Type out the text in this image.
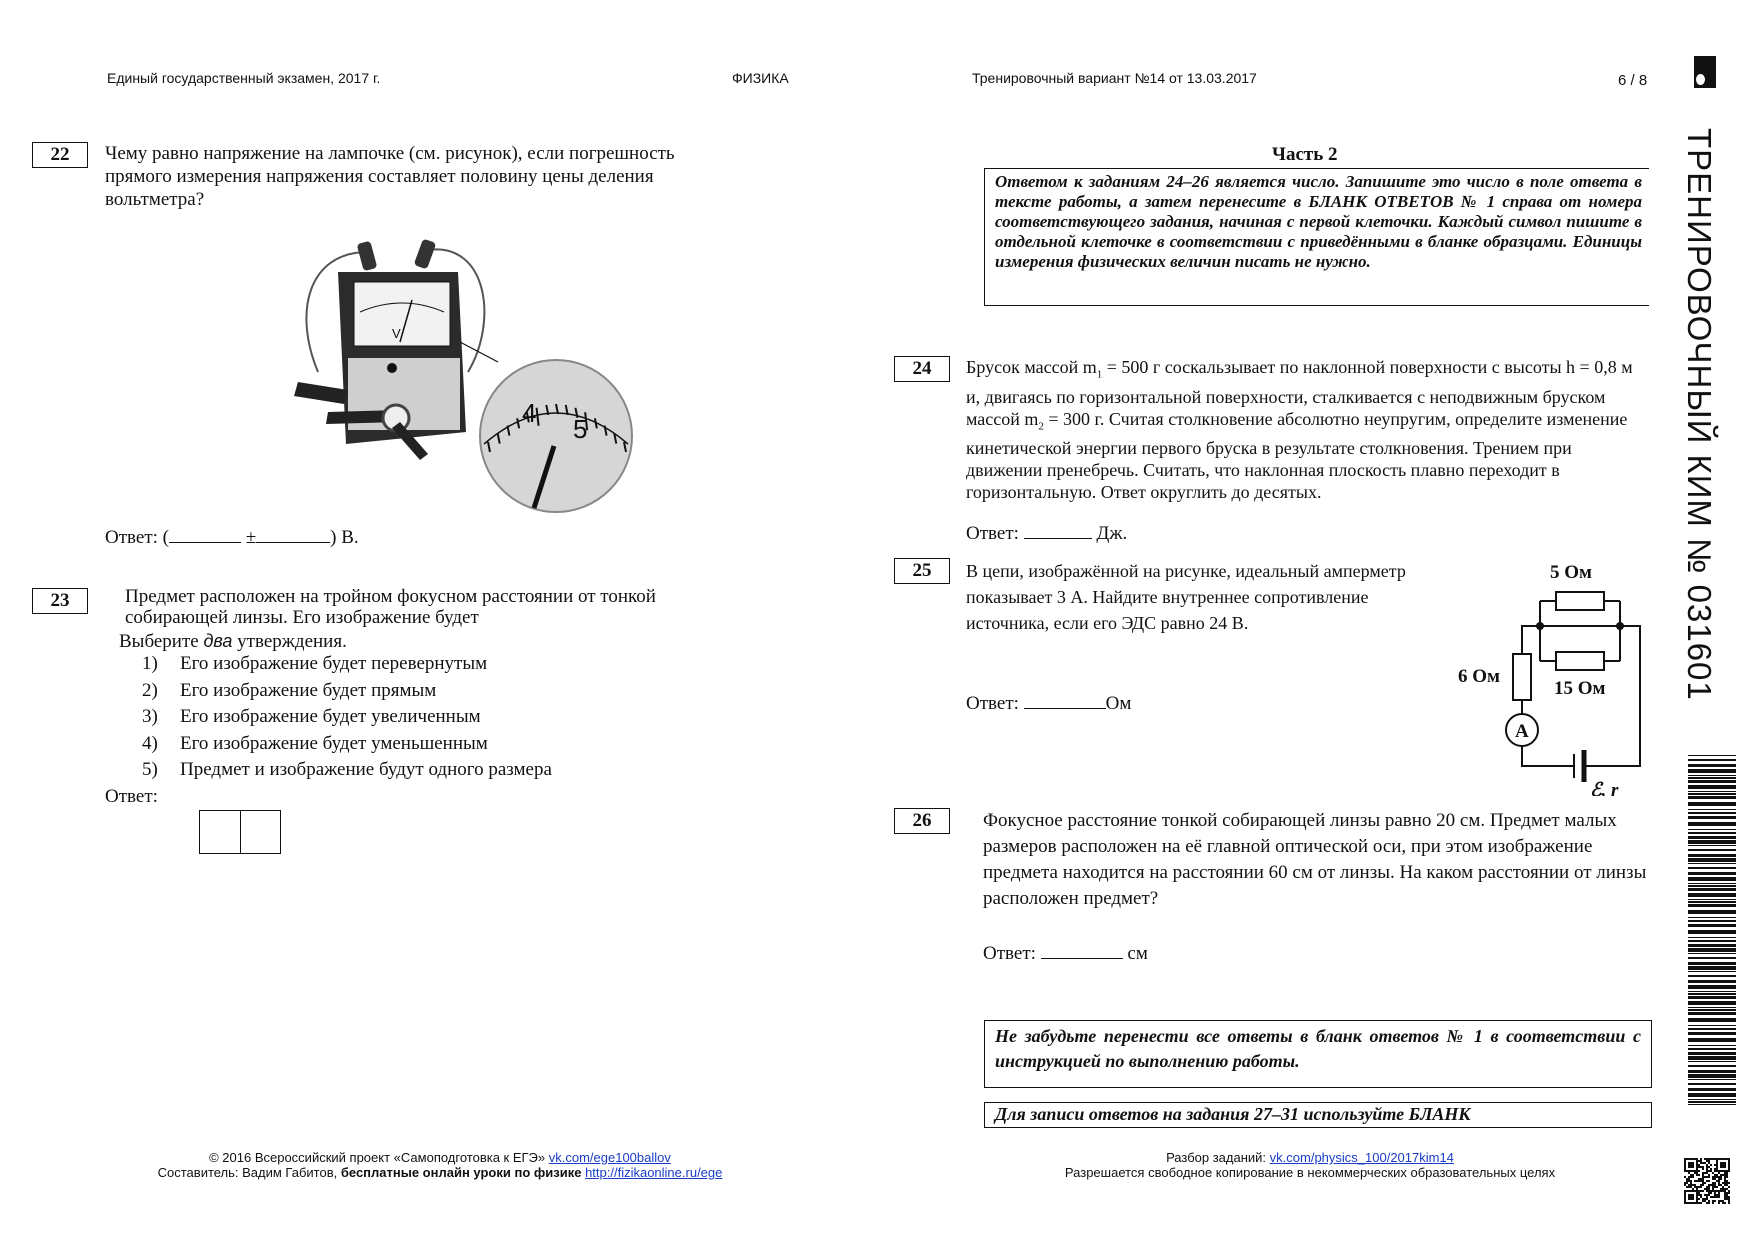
Единый государственный экзамен, 2017 г.	ФИЗИКА	Тренировочный вариант №14 от 13.03.2017	6 / 8
ТРЕНИРОВОЧНЫЙ КИМ № 031601
22	Чему равно напряжение на лампочке (см. рисунок), если погрешность прямого измерения напряжения составляет половину цены деления вольтметра?
V
4
5
Ответ: (	±	) В.
23	Предмет расположен на тройном фокусном расстоянии от тонкой собирающей линзы. Его изображение будет
Выберите два утверждения.
1) Его изображение будет перевернутым
2) Его изображение будет прямым
3) Его изображение будет увеличенным
4) Его изображение будет уменьшенным
5) Предмет и изображение будут одного размера
Ответ:
Часть 2
Ответом к заданиям 24–26 является число. Запишите это число в поле ответа в тексте работы, а затем перенесите в БЛАНК ОТВЕТОВ № 1 справа от номера соответствующего задания, начиная с первой клеточки. Каждый символ пишите в отдельной клеточке в соответствии с приведёнными в бланке образцами. Единицы измерения физических величин писать не нужно.
24	Брусок массой $m_1 = 500$ г соскальзывает по наклонной поверхности с высоты h = 0,8 м и, двигаясь по горизонтальной поверхности, сталкивается с неподвижным бруском массой $m_2 = 300$ г. Считая столкновение абсолютно неупругим, определите изменение кинетической энергии первого бруска в результате столкновения. Трением при движении пренебречь. Считать, что наклонная плоскость плавно переходит в горизонтальную. Ответ округлить до десятых.
Ответ:	Дж.
25	В цепи, изображённой на рисунке, идеальный амперметр показывает 3 А. Найдите внутреннее сопротивление источника, если его ЭДС равно 24 В.
Ответ:	Ом
5 Ом
15 Ом
6 Ом
A
ℰ, r
26	Фокусное расстояние тонкой собирающей линзы равно 20 см. Предмет малых размеров расположен на её главной оптической оси, при этом изображение предмета находится на расстоянии 60 см от линзы. На каком расстоянии от линзы расположен предмет?
Ответ:	см
Не забудьте перенести все ответы в бланк ответов № 1 в соответствии с инструкцией по выполнению работы.
Для записи ответов на задания 27–31 используйте БЛАНК
© 2016 Всероссийский проект «Самоподготовка к ЕГЭ» vk.com/ege100ballov
Составитель: Вадим Габитов, бесплатные онлайн уроки по физике http://fizikaonline.ru/ege
Разбор заданий: vk.com/physics_100/2017kim14
Разрешается свободное копирование в некоммерческих образовательных целях
